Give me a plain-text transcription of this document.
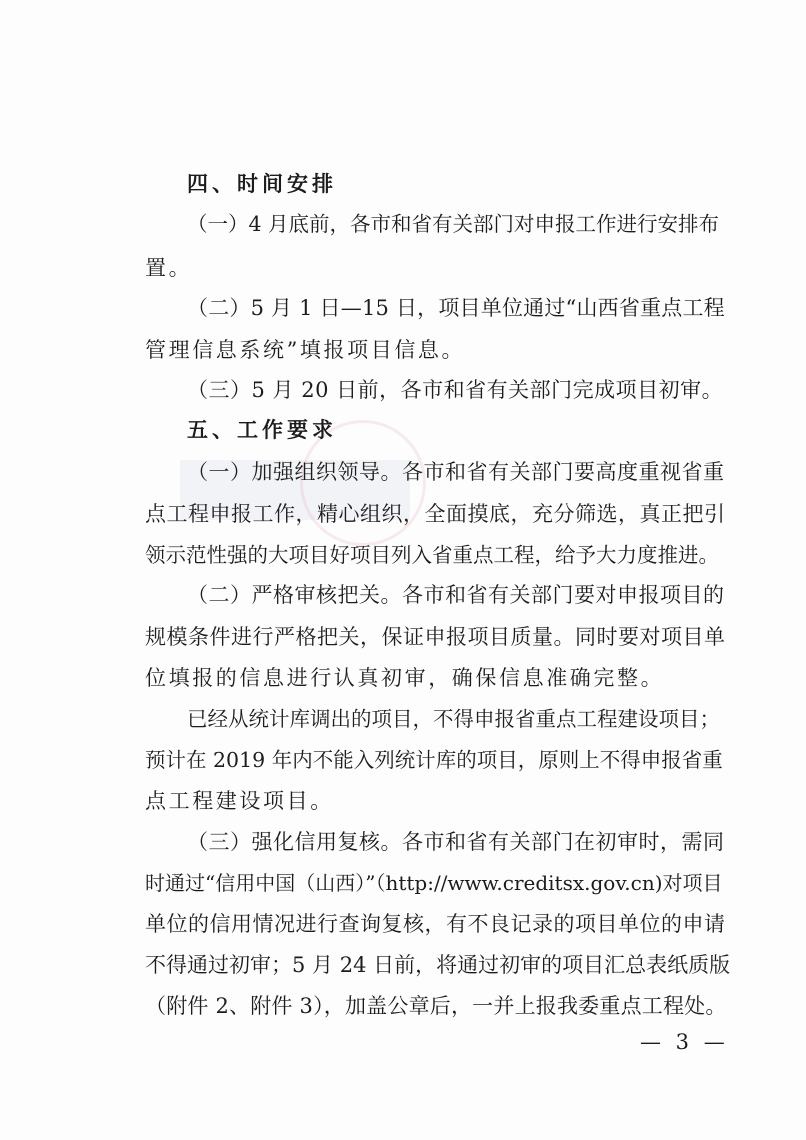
四、时间安排
（一）4 月底前，各市和省有关部门对申报工作进行安排布
置。
（二）5 月 1 日—15 日，项目单位通过“山西省重点工程
管理信息系统”填报项目信息。
（三）5 月 20 日前，各市和省有关部门完成项目初审。
五、工作要求
（一）加强组织领导。各市和省有关部门要高度重视省重
点工程申报工作，精心组织，全面摸底，充分筛选，真正把引
领示范性强的大项目好项目列入省重点工程，给予大力度推进。
（二）严格审核把关。各市和省有关部门要对申报项目的
规模条件进行严格把关，保证申报项目质量。同时要对项目单
位填报的信息进行认真初审，确保信息准确完整。
已经从统计库调出的项目，不得申报省重点工程建设项目；
预计在 2019 年内不能入列统计库的项目，原则上不得申报省重
点工程建设项目。
（三）强化信用复核。各市和省有关部门在初审时，需同
时通过“信用中国（山西）”（http://www.creditsx.gov.cn)对项目
单位的信用情况进行查询复核，有不良记录的项目单位的申请
不得通过初审；5 月 24 日前，将通过初审的项目汇总表纸质版
（附件 2、附件 3），加盖公章后，一并上报我委重点工程处。
— 3 —
